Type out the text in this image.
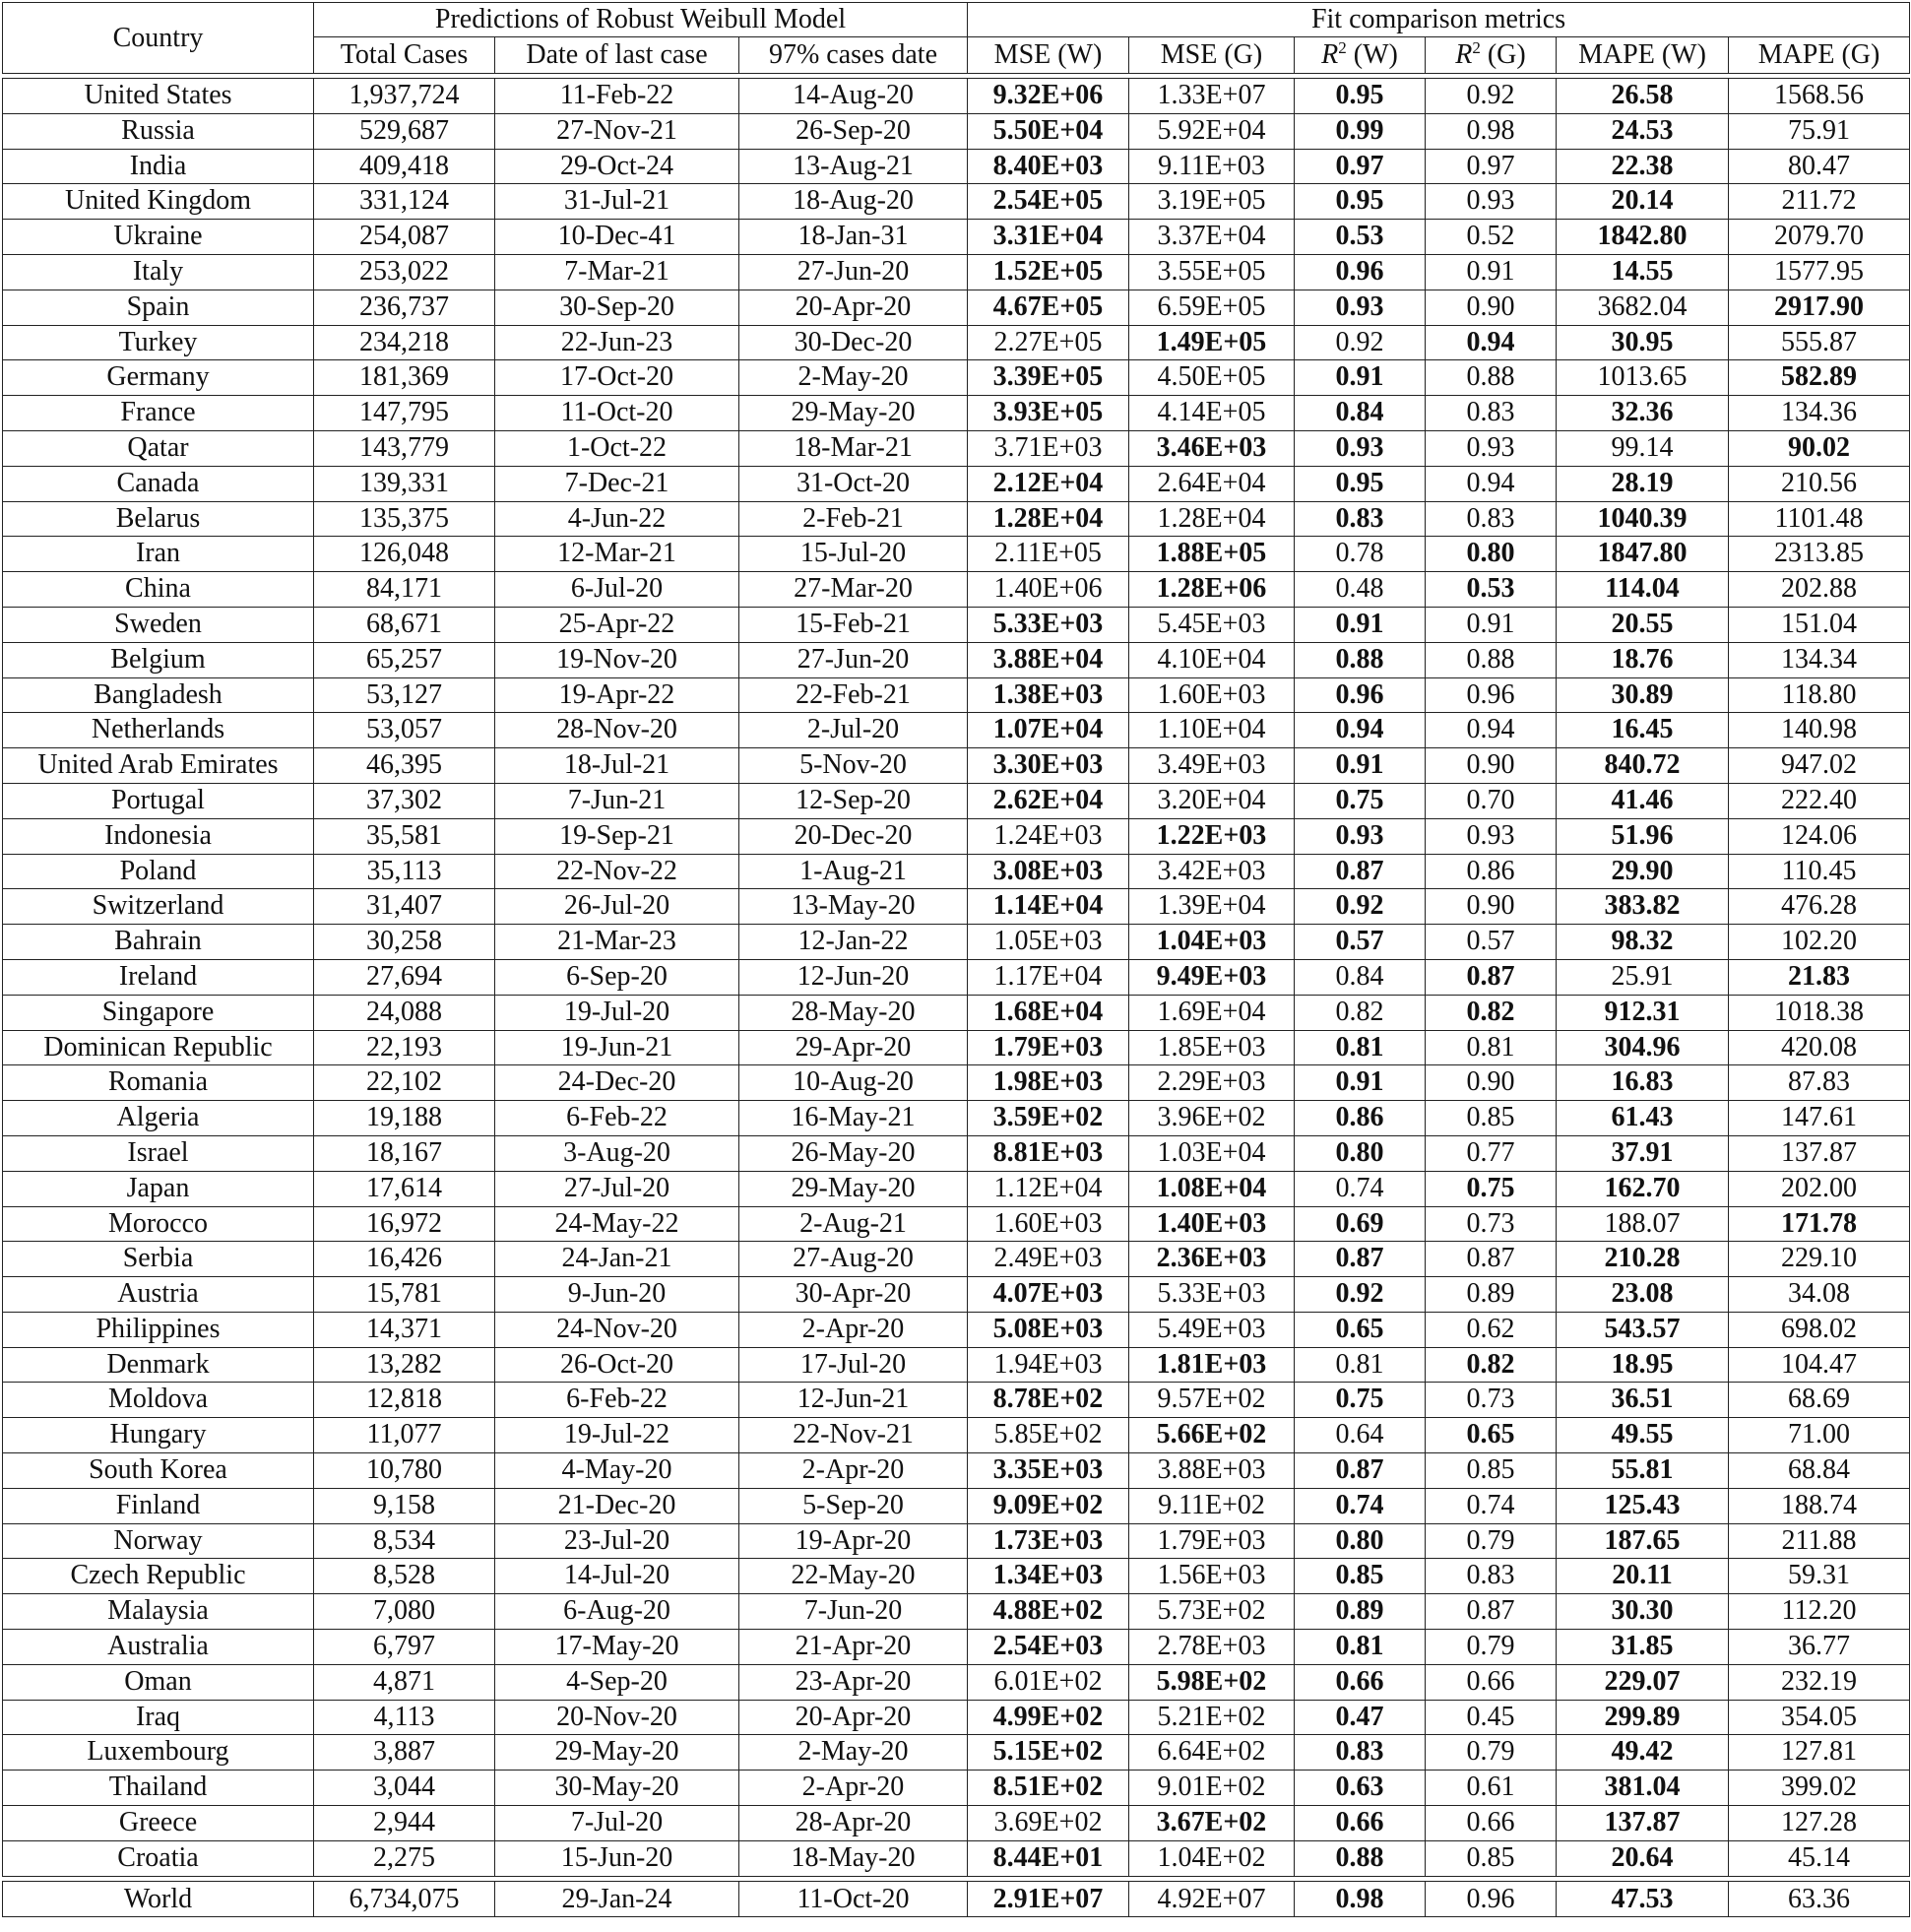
Country	Predictions of Robust Weibull Model			Fit comparison metrics					
	Total Cases	Date of last case	97% cases date	MSE (W)	MSE (G)	$R^2$ (W)	$R^2$ (G)	MAPE (W)	MAPE (G)

United States	1,937,724	11-Feb-22	14-Aug-20	9.32E+06	1.33E+07	0.95	0.92	26.58	1568.56
Russia	529,687	27-Nov-21	26-Sep-20	5.50E+04	5.92E+04	0.99	0.98	24.53	75.91
India	409,418	29-Oct-24	13-Aug-21	8.40E+03	9.11E+03	0.97	0.97	22.38	80.47
United Kingdom	331,124	31-Jul-21	18-Aug-20	2.54E+05	3.19E+05	0.95	0.93	20.14	211.72
Ukraine	254,087	10-Dec-41	18-Jan-31	3.31E+04	3.37E+04	0.53	0.52	1842.80	2079.70
Italy	253,022	7-Mar-21	27-Jun-20	1.52E+05	3.55E+05	0.96	0.91	14.55	1577.95
Spain	236,737	30-Sep-20	20-Apr-20	4.67E+05	6.59E+05	0.93	0.90	3682.04	2917.90
Turkey	234,218	22-Jun-23	30-Dec-20	2.27E+05	1.49E+05	0.92	0.94	30.95	555.87
Germany	181,369	17-Oct-20	2-May-20	3.39E+05	4.50E+05	0.91	0.88	1013.65	582.89
France	147,795	11-Oct-20	29-May-20	3.93E+05	4.14E+05	0.84	0.83	32.36	134.36
Qatar	143,779	1-Oct-22	18-Mar-21	3.71E+03	3.46E+03	0.93	0.93	99.14	90.02
Canada	139,331	7-Dec-21	31-Oct-20	2.12E+04	2.64E+04	0.95	0.94	28.19	210.56
Belarus	135,375	4-Jun-22	2-Feb-21	1.28E+04	1.28E+04	0.83	0.83	1040.39	1101.48
Iran	126,048	12-Mar-21	15-Jul-20	2.11E+05	1.88E+05	0.78	0.80	1847.80	2313.85
China	84,171	6-Jul-20	27-Mar-20	1.40E+06	1.28E+06	0.48	0.53	114.04	202.88
Sweden	68,671	25-Apr-22	15-Feb-21	5.33E+03	5.45E+03	0.91	0.91	20.55	151.04
Belgium	65,257	19-Nov-20	27-Jun-20	3.88E+04	4.10E+04	0.88	0.88	18.76	134.34
Bangladesh	53,127	19-Apr-22	22-Feb-21	1.38E+03	1.60E+03	0.96	0.96	30.89	118.80
Netherlands	53,057	28-Nov-20	2-Jul-20	1.07E+04	1.10E+04	0.94	0.94	16.45	140.98
United Arab Emirates	46,395	18-Jul-21	5-Nov-20	3.30E+03	3.49E+03	0.91	0.90	840.72	947.02
Portugal	37,302	7-Jun-21	12-Sep-20	2.62E+04	3.20E+04	0.75	0.70	41.46	222.40
Indonesia	35,581	19-Sep-21	20-Dec-20	1.24E+03	1.22E+03	0.93	0.93	51.96	124.06
Poland	35,113	22-Nov-22	1-Aug-21	3.08E+03	3.42E+03	0.87	0.86	29.90	110.45
Switzerland	31,407	26-Jul-20	13-May-20	1.14E+04	1.39E+04	0.92	0.90	383.82	476.28
Bahrain	30,258	21-Mar-23	12-Jan-22	1.05E+03	1.04E+03	0.57	0.57	98.32	102.20
Ireland	27,694	6-Sep-20	12-Jun-20	1.17E+04	9.49E+03	0.84	0.87	25.91	21.83
Singapore	24,088	19-Jul-20	28-May-20	1.68E+04	1.69E+04	0.82	0.82	912.31	1018.38
Dominican Republic	22,193	19-Jun-21	29-Apr-20	1.79E+03	1.85E+03	0.81	0.81	304.96	420.08
Romania	22,102	24-Dec-20	10-Aug-20	1.98E+03	2.29E+03	0.91	0.90	16.83	87.83
Algeria	19,188	6-Feb-22	16-May-21	3.59E+02	3.96E+02	0.86	0.85	61.43	147.61
Israel	18,167	3-Aug-20	26-May-20	8.81E+03	1.03E+04	0.80	0.77	37.91	137.87
Japan	17,614	27-Jul-20	29-May-20	1.12E+04	1.08E+04	0.74	0.75	162.70	202.00
Morocco	16,972	24-May-22	2-Aug-21	1.60E+03	1.40E+03	0.69	0.73	188.07	171.78
Serbia	16,426	24-Jan-21	27-Aug-20	2.49E+03	2.36E+03	0.87	0.87	210.28	229.10
Austria	15,781	9-Jun-20	30-Apr-20	4.07E+03	5.33E+03	0.92	0.89	23.08	34.08
Philippines	14,371	24-Nov-20	2-Apr-20	5.08E+03	5.49E+03	0.65	0.62	543.57	698.02
Denmark	13,282	26-Oct-20	17-Jul-20	1.94E+03	1.81E+03	0.81	0.82	18.95	104.47
Moldova	12,818	6-Feb-22	12-Jun-21	8.78E+02	9.57E+02	0.75	0.73	36.51	68.69
Hungary	11,077	19-Jul-22	22-Nov-21	5.85E+02	5.66E+02	0.64	0.65	49.55	71.00
South Korea	10,780	4-May-20	2-Apr-20	3.35E+03	3.88E+03	0.87	0.85	55.81	68.84
Finland	9,158	21-Dec-20	5-Sep-20	9.09E+02	9.11E+02	0.74	0.74	125.43	188.74
Norway	8,534	23-Jul-20	19-Apr-20	1.73E+03	1.79E+03	0.80	0.79	187.65	211.88
Czech Republic	8,528	14-Jul-20	22-May-20	1.34E+03	1.56E+03	0.85	0.83	20.11	59.31
Malaysia	7,080	6-Aug-20	7-Jun-20	4.88E+02	5.73E+02	0.89	0.87	30.30	112.20
Australia	6,797	17-May-20	21-Apr-20	2.54E+03	2.78E+03	0.81	0.79	31.85	36.77
Oman	4,871	4-Sep-20	23-Apr-20	6.01E+02	5.98E+02	0.66	0.66	229.07	232.19
Iraq	4,113	20-Nov-20	20-Apr-20	4.99E+02	5.21E+02	0.47	0.45	299.89	354.05
Luxembourg	3,887	29-May-20	2-May-20	5.15E+02	6.64E+02	0.83	0.79	49.42	127.81
Thailand	3,044	30-May-20	2-Apr-20	8.51E+02	9.01E+02	0.63	0.61	381.04	399.02
Greece	2,944	7-Jul-20	28-Apr-20	3.69E+02	3.67E+02	0.66	0.66	137.87	127.28
Croatia	2,275	15-Jun-20	18-May-20	8.44E+01	1.04E+02	0.88	0.85	20.64	45.14

World	6,734,075	29-Jan-24	11-Oct-20	2.91E+07	4.92E+07	0.98	0.96	47.53	63.36
